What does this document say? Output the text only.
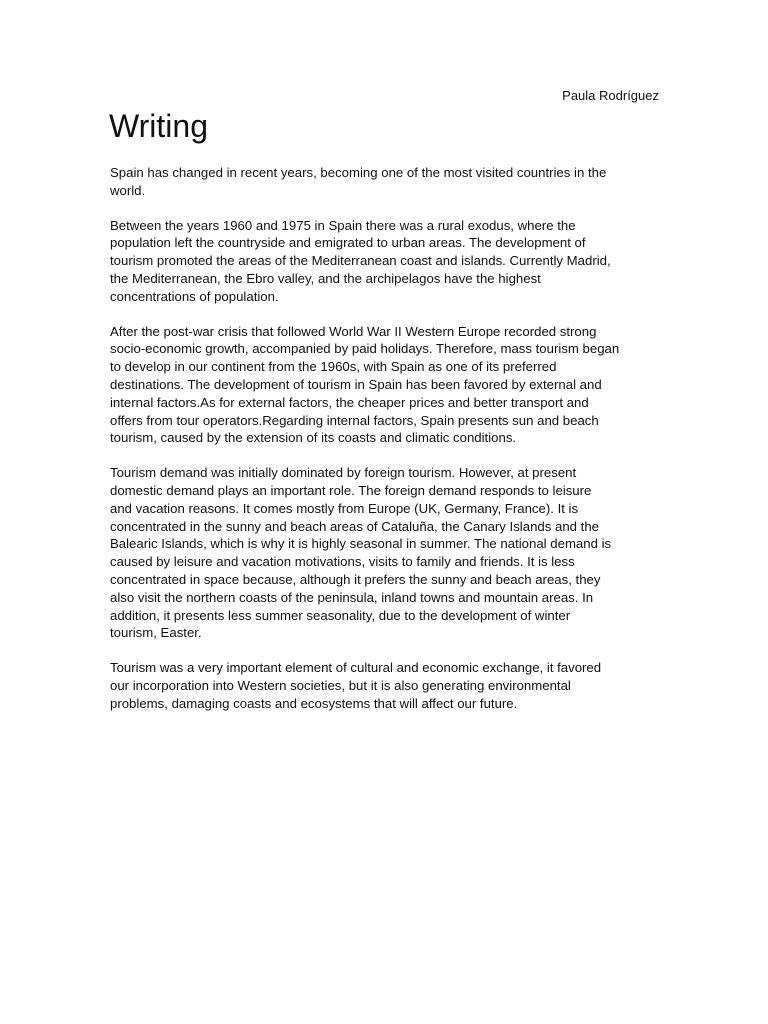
Paula Rodríguez
Writing

Spain has changed in recent years, becoming one of the most visited countries in the
world.

Between the years 1960 and 1975 in Spain there was a rural exodus, where the
population left the countryside and emigrated to urban areas. The development of
tourism promoted the areas of the Mediterranean coast and islands. Currently Madrid,
the Mediterranean, the Ebro valley, and the archipelagos have the highest
concentrations of population.

After the post-war crisis that followed World War II Western Europe recorded strong
socio-economic growth, accompanied by paid holidays. Therefore, mass tourism began
to develop in our continent from the 1960s, with Spain as one of its preferred
destinations. The development of tourism in Spain has been favored by external and
internal factors.As for external factors, the cheaper prices and better transport and
offers from tour operators.Regarding internal factors, Spain presents sun and beach
tourism, caused by the extension of its coasts and climatic conditions.

Tourism demand was initially dominated by foreign tourism. However, at present
domestic demand plays an important role. The foreign demand responds to leisure
and vacation reasons. It comes mostly from Europe (UK, Germany, France). It is
concentrated in the sunny and beach areas of Cataluña, the Canary Islands and the
Balearic Islands, which is why it is highly seasonal in summer. The national demand is
caused by leisure and vacation motivations, visits to family and friends. It is less
concentrated in space because, although it prefers the sunny and beach areas, they
also visit the northern coasts of the peninsula, inland towns and mountain areas. In
addition, it presents less summer seasonality, due to the development of winter
tourism, Easter.

Tourism was a very important element of cultural and economic exchange, it favored
our incorporation into Western societies, but it is also generating environmental
problems, damaging coasts and ecosystems that will affect our future.
